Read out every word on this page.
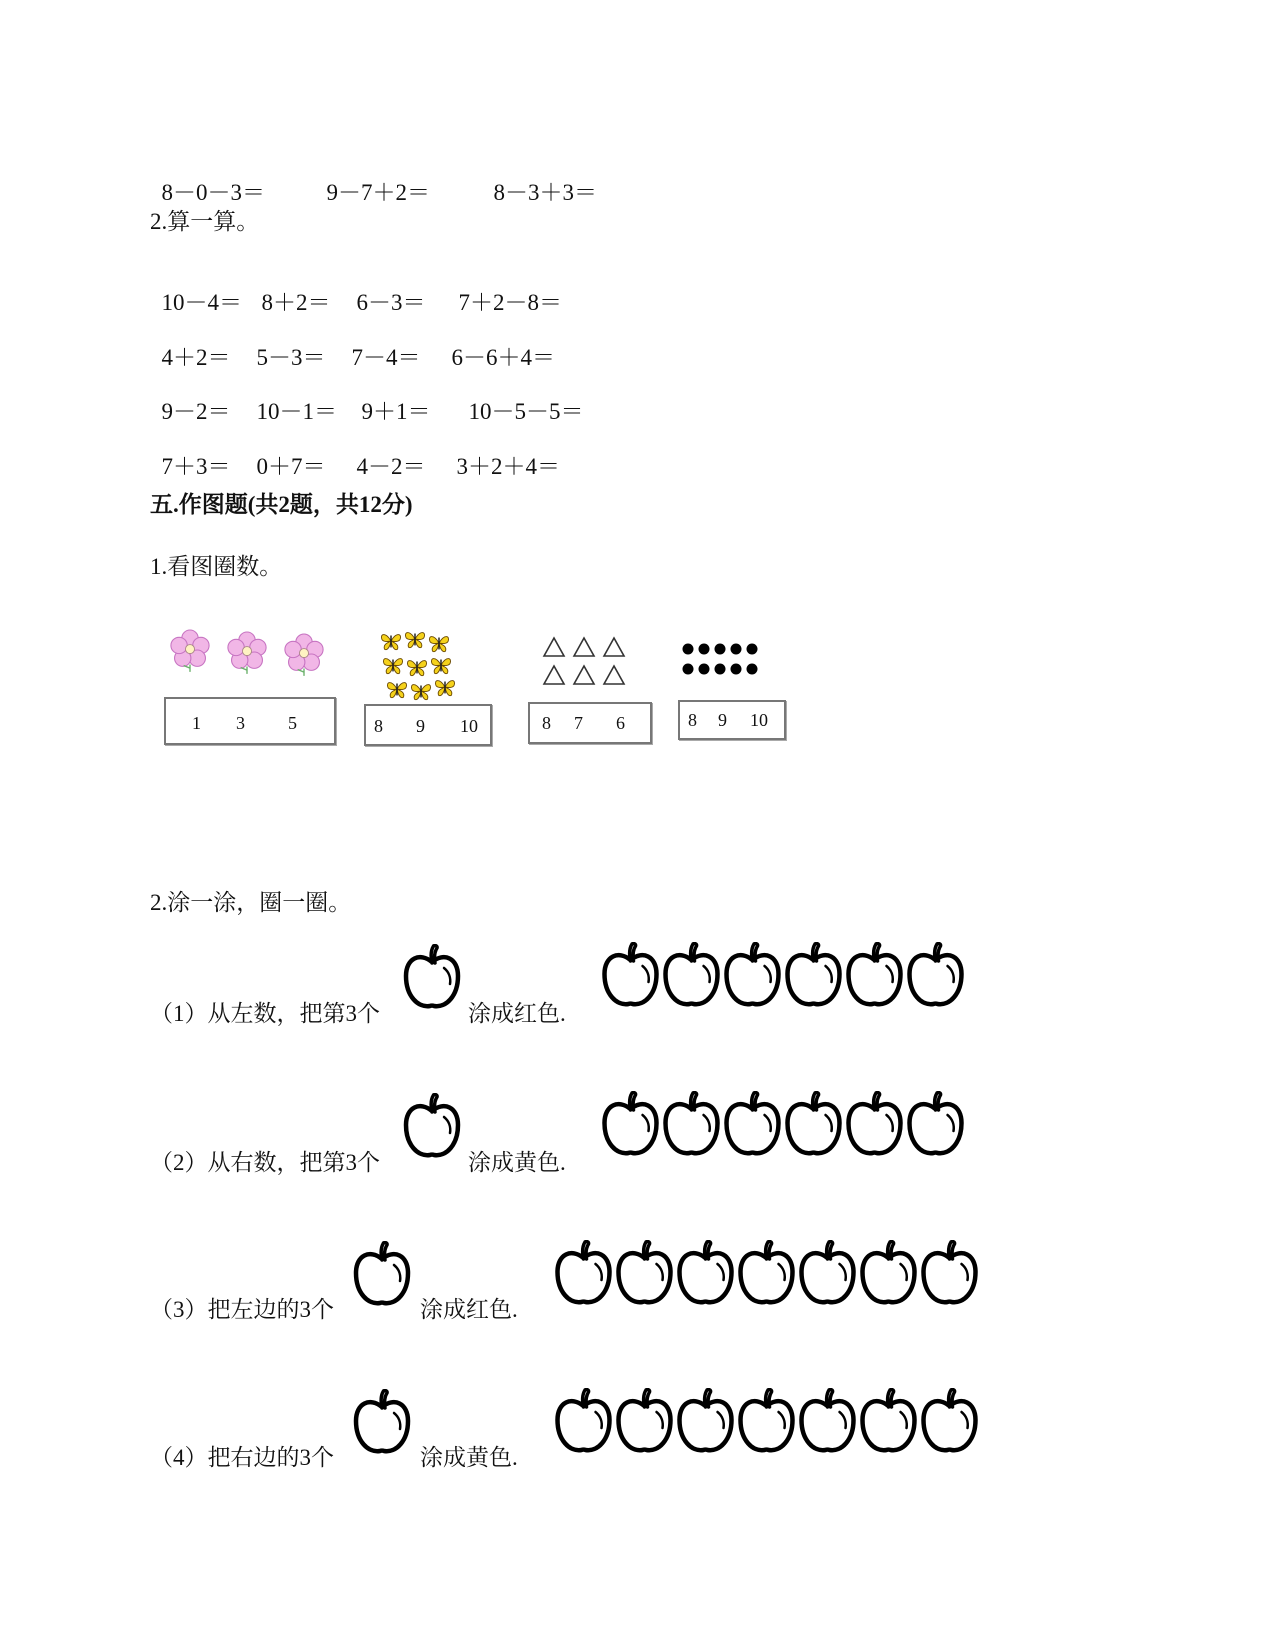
8－0－3＝	9－7＋2＝	8－3＋3＝

2.算一算。

10－4＝ 8＋2＝ 6－3＝ 7＋2－8＝

4＋2＝ 5－3＝ 7－4＝ 6－6＋4＝

9－2＝ 10－1＝ 9＋1＝ 10－5－5＝

7＋3＝ 0＋7＝ 4－2＝ 3＋2＋4＝

五.作图题(共2题，共12分)
1.看图圈数。
1 3 5	8 9 10	8 7 6	8 9 10
2.涂一涂，圈一圈。
（1）从左数，把第3个	涂成红色.
（2）从右数，把第3个	涂成黄色.
（3）把左边的3个	涂成红色.
（4）把右边的3个	涂成黄色.
